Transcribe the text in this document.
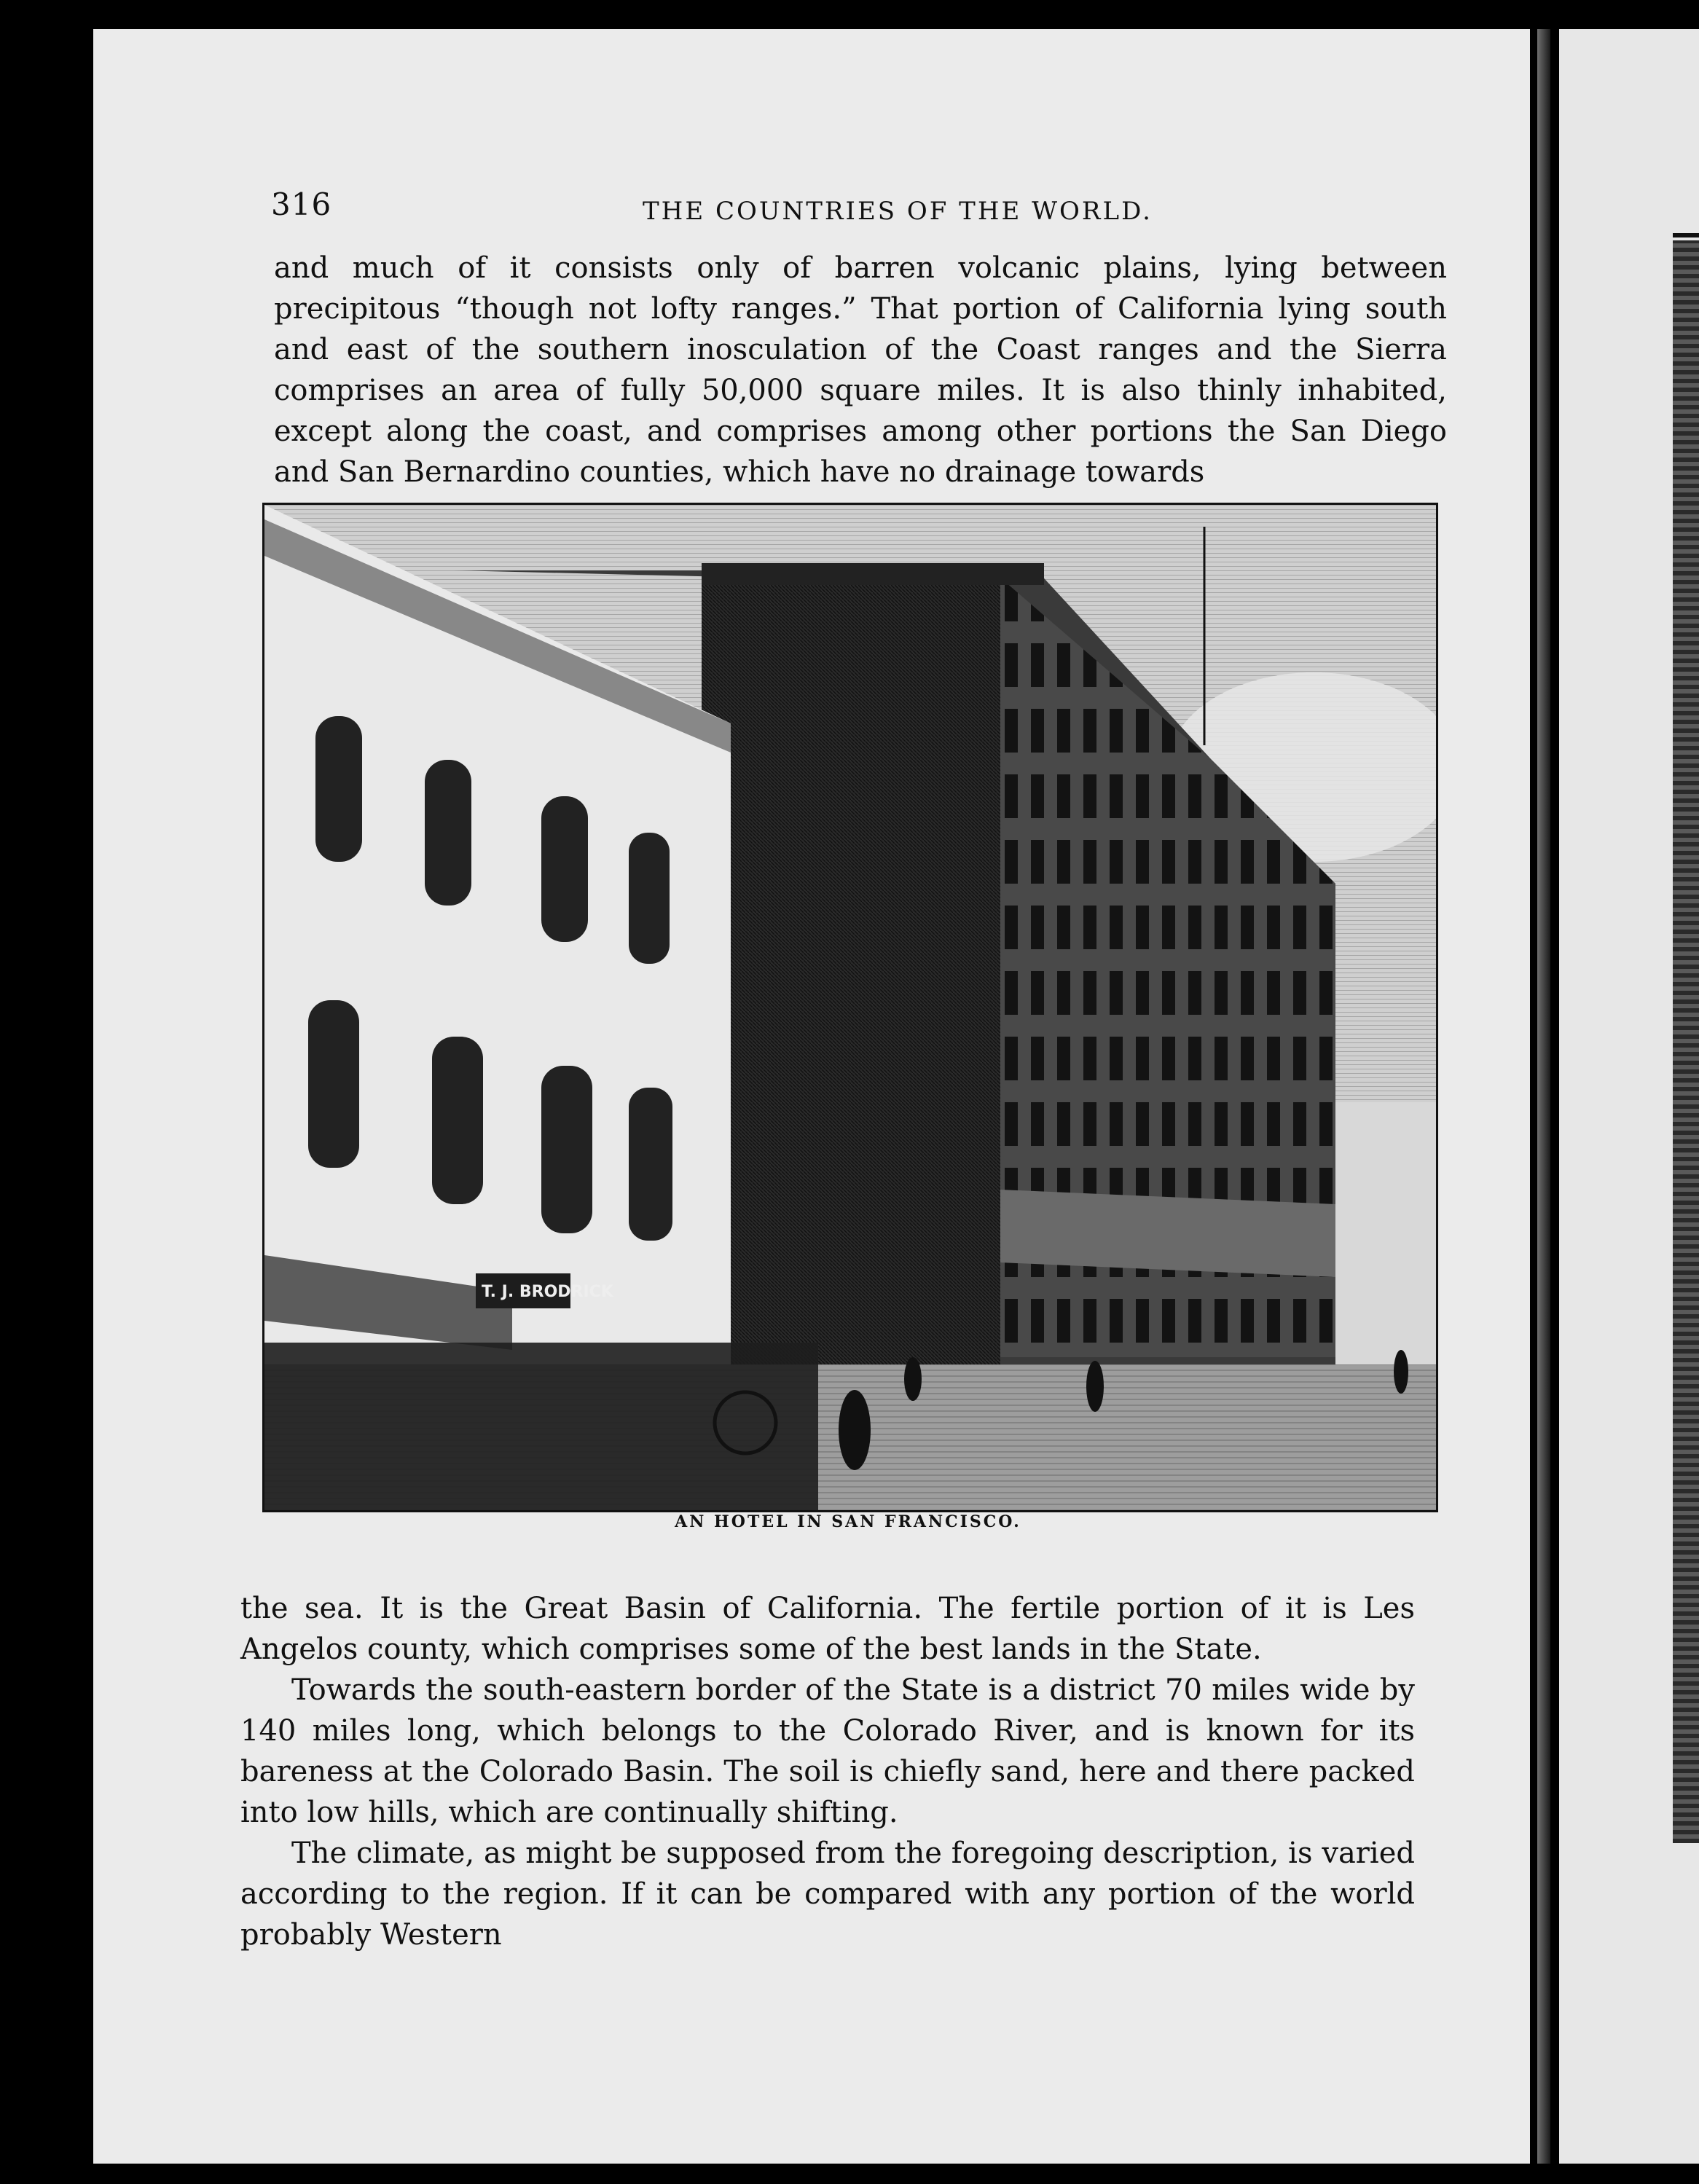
316	THE COUNTRIES OF THE WORLD.

and much of it consists only of barren volcanic plains, lying between precipitous “though not lofty ranges.” That portion of California lying south and east of the southern inosculation of the Coast ranges and the Sierra comprises an area of fully 50,000 square miles. It is also thinly inhabited, except along the coast, and comprises among other portions the San Diego and San Bernardino counties, which have no drainage towards

T. J. BRODRICK
AN HOTEL IN SAN FRANCISCO.

the sea. It is the Great Basin of California. The fertile portion of it is Les Angelos county, which comprises some of the best lands in the State.

Towards the south-eastern border of the State is a district 70 miles wide by 140 miles long, which belongs to the Colorado River, and is known for its bareness at the Colorado Basin. The soil is chiefly sand, here and there packed into low hills, which are continually shifting.

The climate, as might be supposed from the foregoing description, is varied according to the region. If it can be compared with any portion of the world probably Western
